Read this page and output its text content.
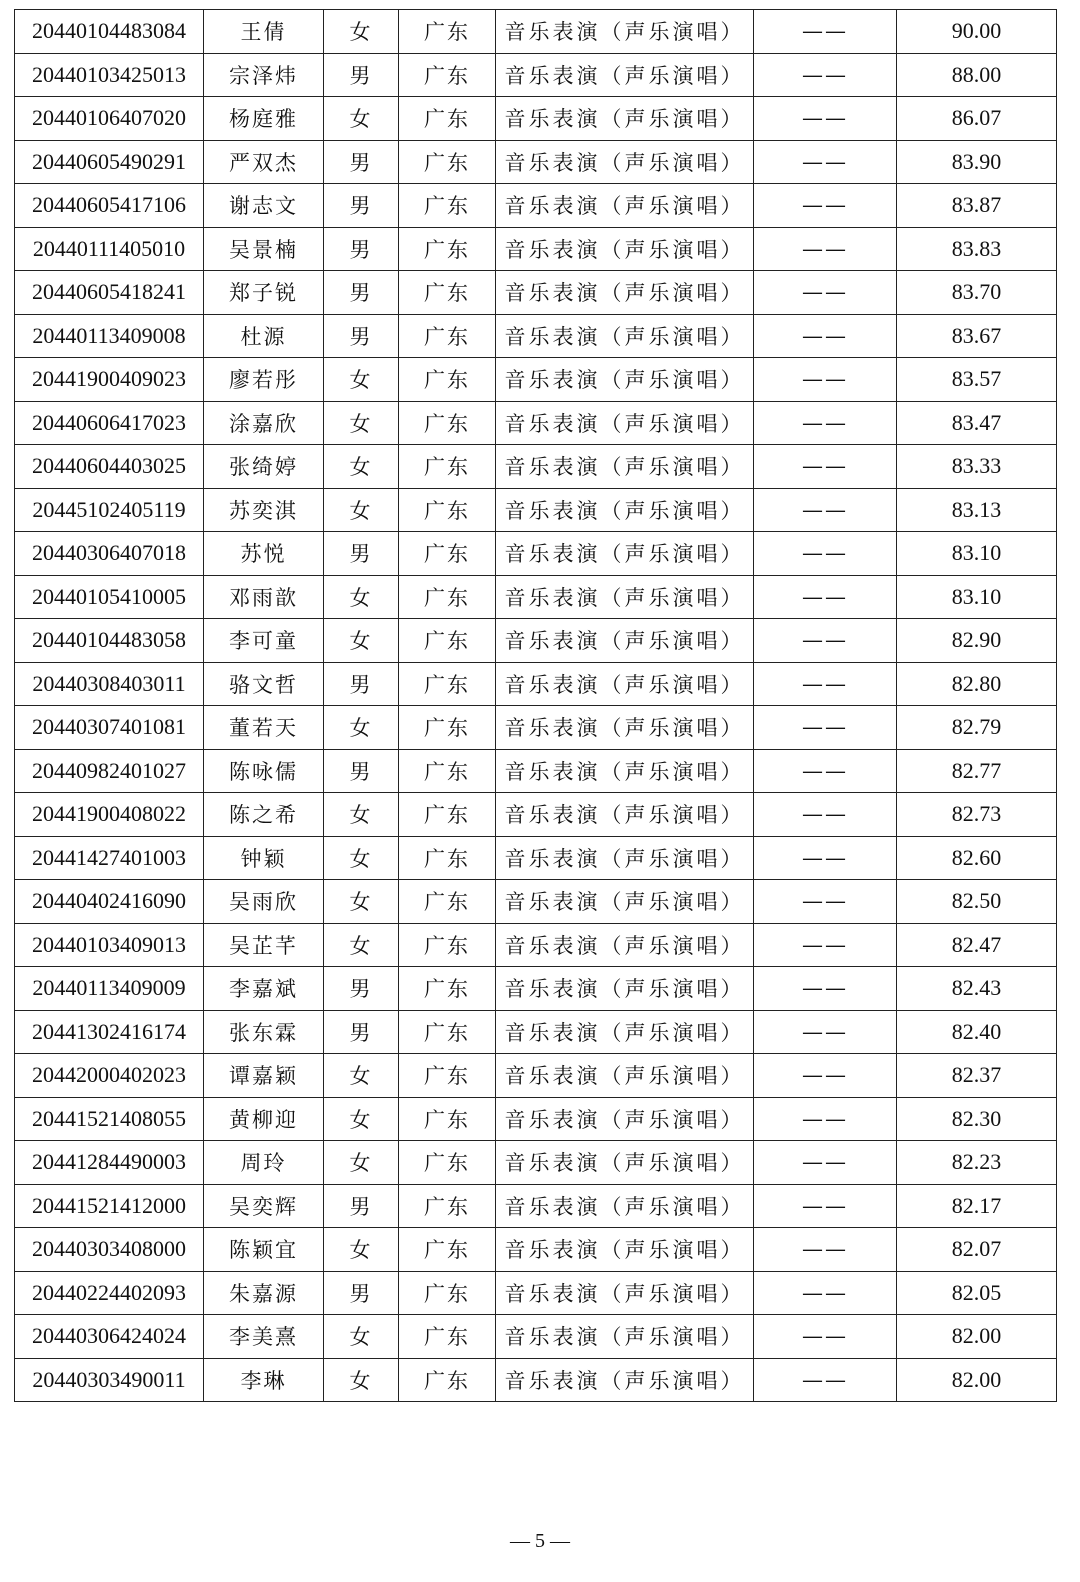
20440104483084	王倩	女	广东	音乐表演（声乐演唱）	——	90.00
20440103425013	宗泽炜	男	广东	音乐表演（声乐演唱）	——	88.00
20440106407020	杨庭雅	女	广东	音乐表演（声乐演唱）	——	86.07
20440605490291	严双杰	男	广东	音乐表演（声乐演唱）	——	83.90
20440605417106	谢志文	男	广东	音乐表演（声乐演唱）	——	83.87
20440111405010	吴景楠	男	广东	音乐表演（声乐演唱）	——	83.83
20440605418241	郑子锐	男	广东	音乐表演（声乐演唱）	——	83.70
20440113409008	杜源	男	广东	音乐表演（声乐演唱）	——	83.67
20441900409023	廖若彤	女	广东	音乐表演（声乐演唱）	——	83.57
20440606417023	涂嘉欣	女	广东	音乐表演（声乐演唱）	——	83.47
20440604403025	张绮婷	女	广东	音乐表演（声乐演唱）	——	83.33
20445102405119	苏奕淇	女	广东	音乐表演（声乐演唱）	——	83.13
20440306407018	苏悦	男	广东	音乐表演（声乐演唱）	——	83.10
20440105410005	邓雨歆	女	广东	音乐表演（声乐演唱）	——	83.10
20440104483058	李可童	女	广东	音乐表演（声乐演唱）	——	82.90
20440308403011	骆文哲	男	广东	音乐表演（声乐演唱）	——	82.80
20440307401081	董若天	女	广东	音乐表演（声乐演唱）	——	82.79
20440982401027	陈咏儒	男	广东	音乐表演（声乐演唱）	——	82.77
20441900408022	陈之希	女	广东	音乐表演（声乐演唱）	——	82.73
20441427401003	钟颖	女	广东	音乐表演（声乐演唱）	——	82.60
20440402416090	吴雨欣	女	广东	音乐表演（声乐演唱）	——	82.50
20440103409013	吴芷芊	女	广东	音乐表演（声乐演唱）	——	82.47
20440113409009	李嘉斌	男	广东	音乐表演（声乐演唱）	——	82.43
20441302416174	张东霖	男	广东	音乐表演（声乐演唱）	——	82.40
20442000402023	谭嘉颖	女	广东	音乐表演（声乐演唱）	——	82.37
20441521408055	黄柳迎	女	广东	音乐表演（声乐演唱）	——	82.30
20441284490003	周玲	女	广东	音乐表演（声乐演唱）	——	82.23
20441521412000	吴奕辉	男	广东	音乐表演（声乐演唱）	——	82.17
20440303408000	陈颖宜	女	广东	音乐表演（声乐演唱）	——	82.07
20440224402093	朱嘉源	男	广东	音乐表演（声乐演唱）	——	82.05
20440306424024	李美熹	女	广东	音乐表演（声乐演唱）	——	82.00
20440303490011	李琳	女	广东	音乐表演（声乐演唱）	——	82.00
— 5 —
